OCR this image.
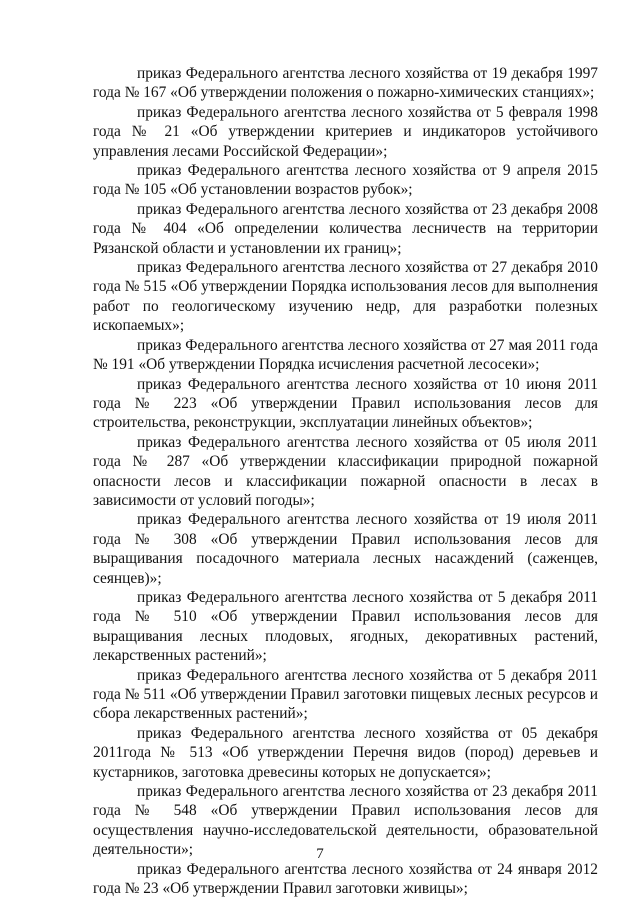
приказ Федерального агентства лесного хозяйства от 19 декабря 1997 года № 167 «Об утверждении положения о пожарно-химических станциях»;

приказ Федерального агентства лесного хозяйства от 5 февраля 1998 года № 21 «Об утверждении критериев и индикаторов устойчивого управления лесами Российской Федерации»;

приказ Федерального агентства лесного хозяйства от 9 апреля 2015 года № 105 «Об установлении возрастов рубок»;

приказ Федерального агентства лесного хозяйства от 23 декабря 2008 года № 404 «Об определении количества лесничеств на территории Рязанской области и установлении их границ»;

приказ Федерального агентства лесного хозяйства от 27 декабря 2010 года № 515 «Об утверждении Порядка использования лесов для выполнения работ по геологическому изучению недр, для разработки полезных ископаемых»;

приказ Федерального агентства лесного хозяйства от 27 мая 2011 года № 191 «Об утверждении Порядка исчисления расчетной лесосеки»;

приказ Федерального агентства лесного хозяйства от 10 июня 2011 года № 223 «Об утверждении Правил использования лесов для строительства, реконструкции, эксплуатации линейных объектов»;

приказ Федерального агентства лесного хозяйства от 05 июля 2011 года № 287 «Об утверждении классификации природной пожарной опасности лесов и классификации пожарной опасности в лесах в зависимости от условий погоды»;

приказ Федерального агентства лесного хозяйства от 19 июля 2011 года № 308 «Об утверждении Правил использования лесов для выращивания посадочного материала лесных насаждений (саженцев, сеянцев)»;

приказ Федерального агентства лесного хозяйства от 5 декабря 2011 года № 510 «Об утверждении Правил использования лесов для выращивания лесных плодовых, ягодных, декоративных растений, лекарственных растений»;

приказ Федерального агентства лесного хозяйства от 5 декабря 2011 года № 511 «Об утверждении Правил заготовки пищевых лесных ресурсов и сбора лекарственных растений»;

приказ Федерального агентства лесного хозяйства от 05 декабря 2011года № 513 «Об утверждении Перечня видов (пород) деревьев и кустарников, заготовка древесины которых не допускается»;

приказ Федерального агентства лесного хозяйства от 23 декабря 2011 года № 548 «Об утверждении Правил использования лесов для осуществления научно-исследовательской деятельности, образовательной деятельности»;

приказ Федерального агентства лесного хозяйства от 24 января 2012 года № 23 «Об утверждении Правил заготовки живицы»;

7
